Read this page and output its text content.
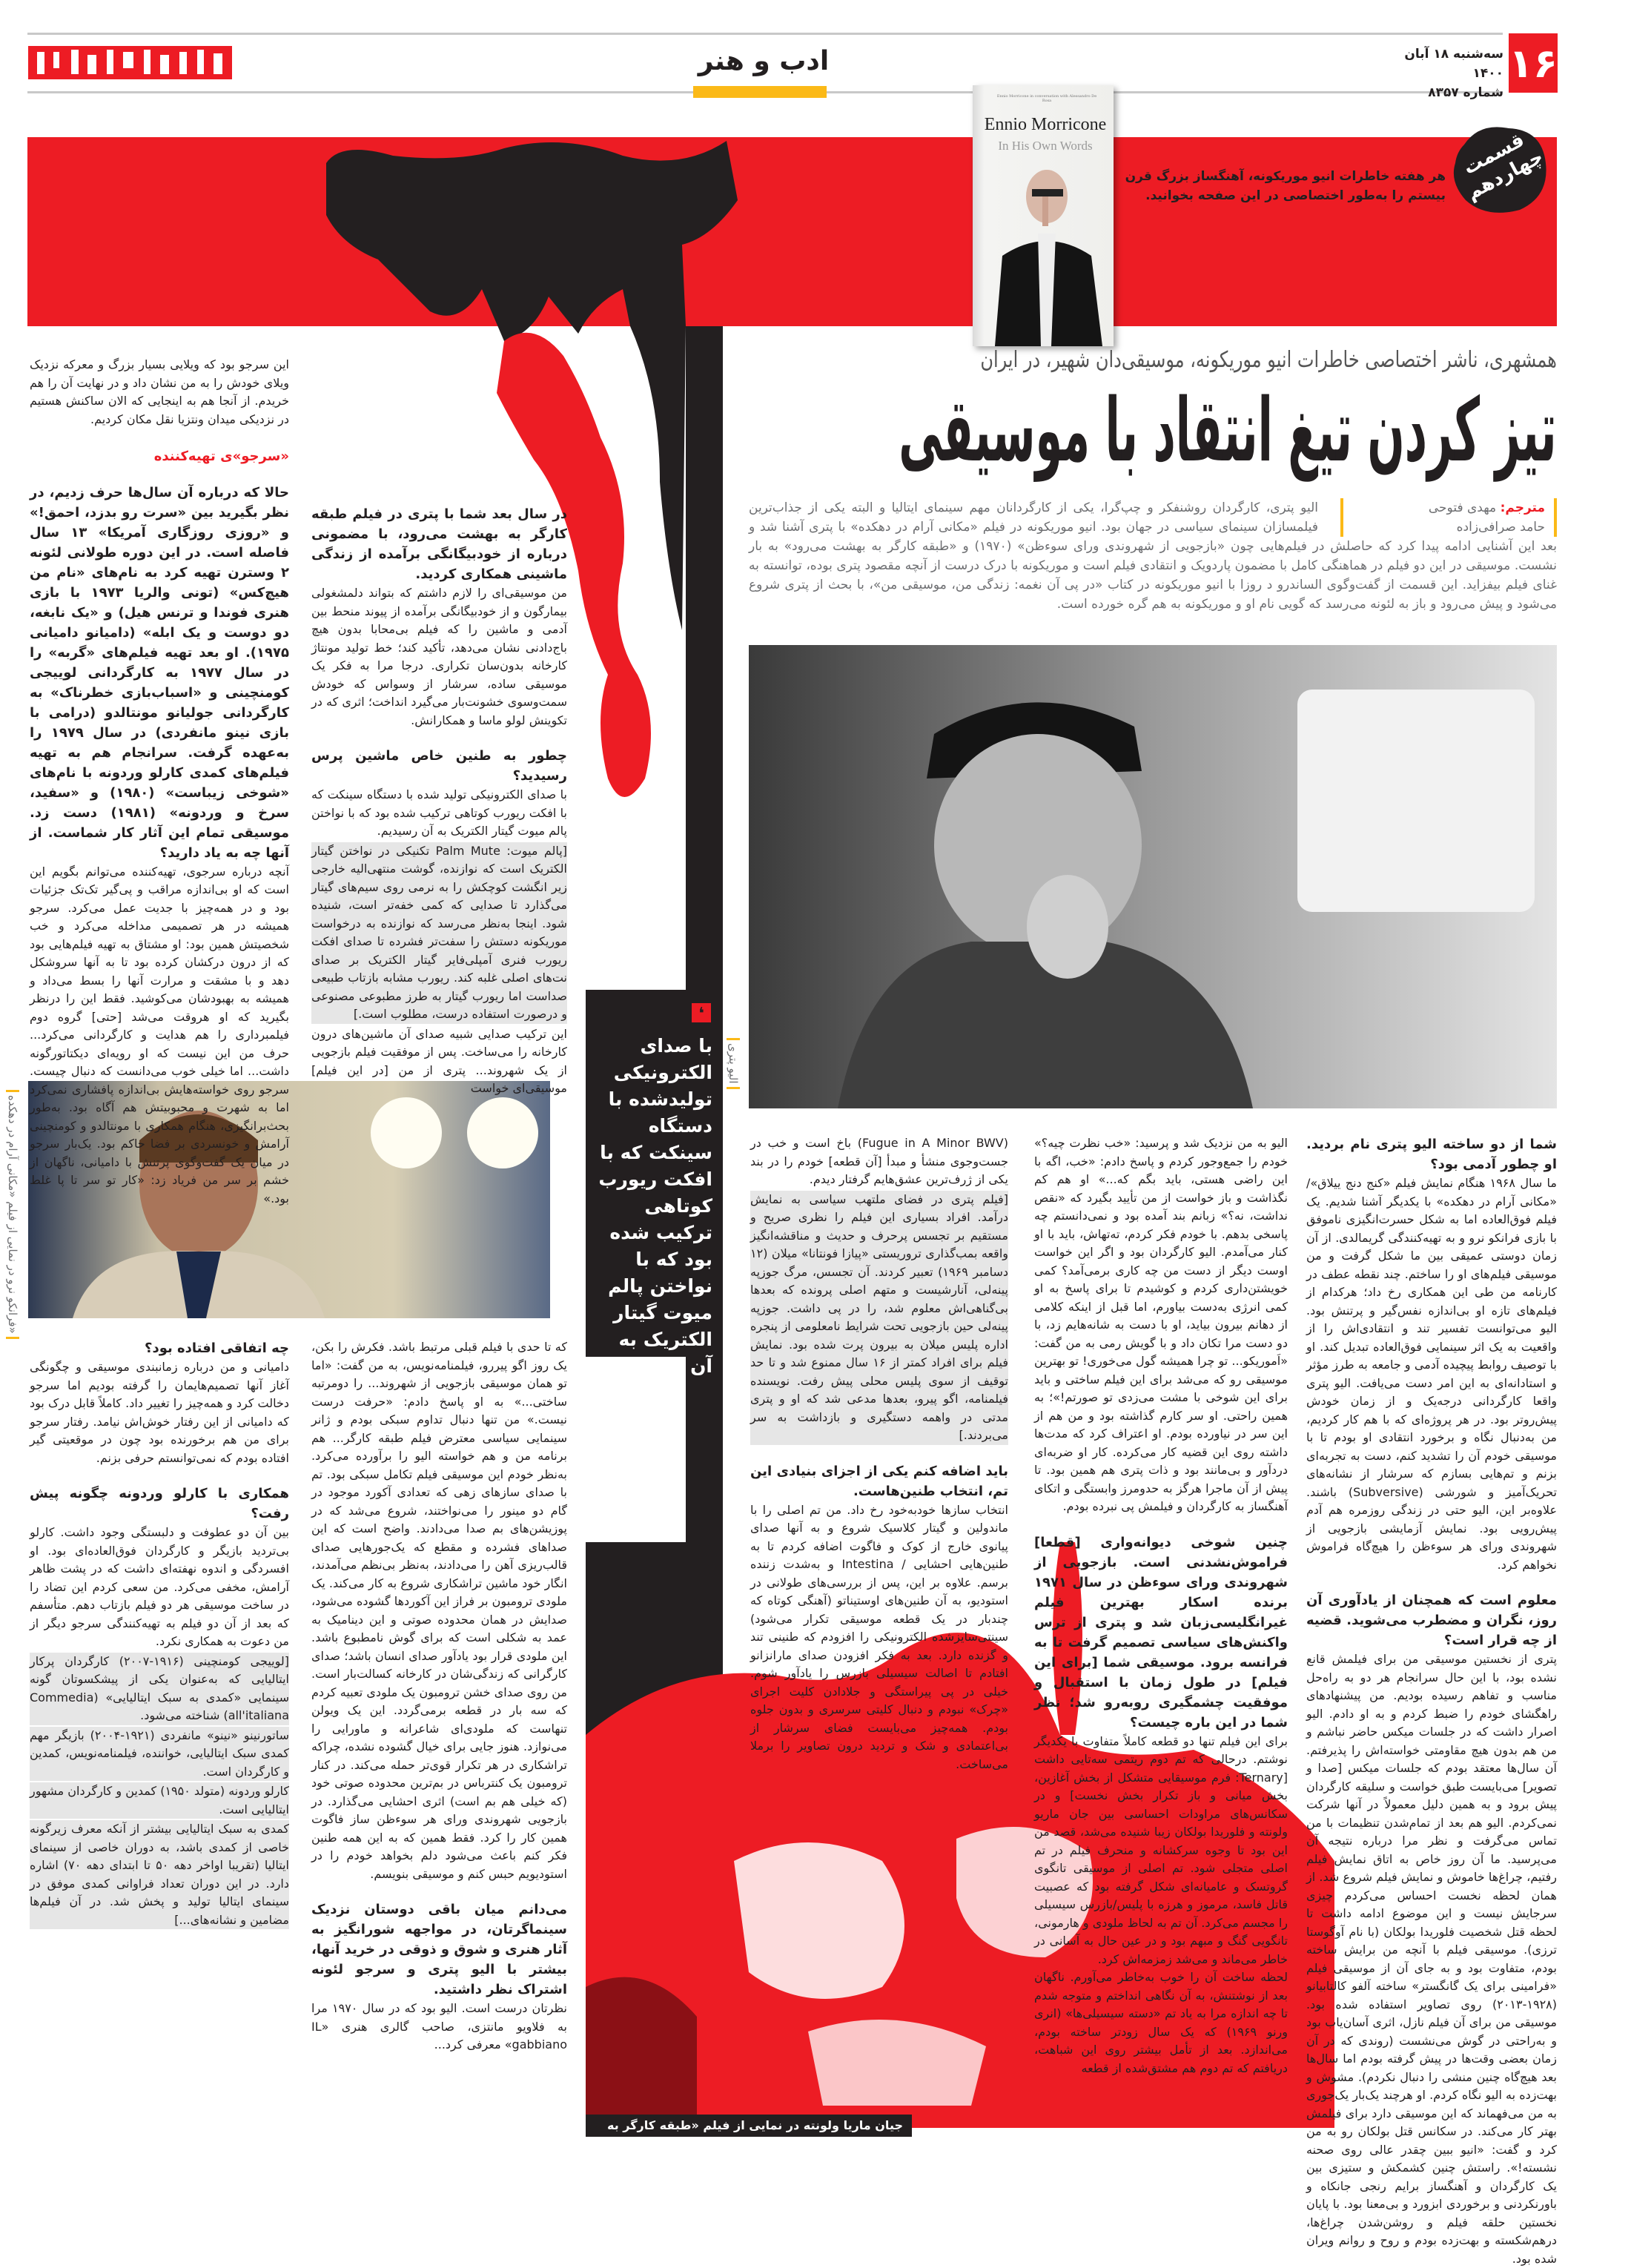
۱۶
سه‌شنبه ۱۸ آبان ۱۴۰۰
شماره ۸۳۵۷
ادب و هنر
Ennio Morricone in conversation with Alessandro De Rosa
Ennio Morricone
In His Own Words
هر هفته خاطرات انیو موریکونه، آهنگساز بزرگ قرن بیستم را به‌طور اختصاصی در این صفحه بخوانید.
قسمت چهاردهم
همشهری، ناشر اختصاصی خاطرات انیو موریکونه، موسیقی‌دان شهیر، در ایران
تیز کردن تیغ انتقاد با موسیقی
مترجم: مهدی فتوحی
حامد صرافی‌زاده
الیو پتری، کارگردان روشنفکر و چپ‌گرا، یکی از کارگردانان مهم سینمای ایتالیا و البته یکی از جذاب‌ترین فیلمسازان سینمای سیاسی در جهان بود. انیو موریکونه در فیلم «مکانی آرام در دهکده» با پتری آشنا شد و بعد این آشنایی ادامه پیدا کرد که حاصلش در فیلم‌هایی چون «بازجویی از شهروندی ورای سوءظن» (۱۹۷۰) و «طبقه کارگر به بهشت می‌رود» به بار نشست. موسیقی در این دو فیلم در هماهنگی کامل با مضمون پاردویک و انتقادی فیلم است و موریکونه با درک درست از آنچه مقصود پتری بوده، توانسته به غنای فیلم بیفزاید. این قسمت از گفت‌وگوی الساندرو د روزا با انیو موریکونه در کتاب «در پی آن نغمه: زندگی من، موسیقی من»، با بحث از پتری شروع می‌شود و پیش می‌رود و باز به لئونه می‌رسد که گویی نام او و موریکونه به هم گره خورده است.
الیو پتری
فرانکو نرو در نمایی از فیلم «مکانی آرام در دهکده»
❛
با صدای الکترونیکی تولیدشده با دستگاه سینکت که با افکت ریورب کوتاهی ترکیب شده بود که با نواختن پالم میوت گیتار الکتریک به آن رسیدیم
جیان ماریا ولونته در نمایی از فیلم «طبقه کارگر به بهشت نمی‌رود»

این سرجو بود که ویلایی بسیار بزرگ و معرکه نزدیک ویلای خودش را به من نشان داد و در نهایت آن را هم خریدم. از آنجا هم به اینجایی که الان ساکنش هستیم در نزدیکی میدان ونتزیا نقل مکان کردیم.

«سرجو»ی تهیه‌کننده

حالا که درباره آن سال‌ها حرف زدیم، در نظر بگیرید بین «سرت رو بدزد، احمق!» و «روزی روزگاری آمریکا» ۱۳ سال فاصله است. در این دوره طولانی لئونه ۲ وسترن تهیه کرد به نام‌های «نام من هیچ‌کس» (تونی والریا ۱۹۷۳ با بازی هنری فوندا و ترنس هیل) و «یک نابغه، دو دوست و یک ابله» (دامیانو دامیانی ۱۹۷۵). او بعد تهیه فیلم‌های «گربه» را در سال ۱۹۷۷ به کارگردانی لوییجی کومنچینی و «اسباب‌بازی خطرناک» به کارگردانی جولیانو مونتالدو (درامی با بازی نینو مانفردی) در سال ۱۹۷۹ را به‌عهده گرفت. سرانجام هم به تهیه فیلم‌های کمدی کارلو وردونه با نام‌های «شوخی زیباست» (۱۹۸۰) و «سفید، سرخ و وردونه» (۱۹۸۱) دست زد. موسیقی تمام این آثار کار شماست. از آنها چه به یاد دارید؟

آنچه درباره سرجوی، تهیه‌کننده می‌توانم بگویم این است که او بی‌اندازه مراقب و پی‌گیر تک‌تک جزئیات بود و در همه‌چیز با جدیت عمل می‌کرد. سرجو همیشه در هر تصمیمی مداخله می‌کرد و خب شخصیتش همین بود: او مشتاق به تهیه فیلم‌هایی بود که از درون درکشان کرده بود تا به آنها سروشکل دهد و با مشقت و مرارت آنها را بسط می‌داد و همیشه به بهبودشان می‌کوشید. فقط این را درنظر بگیرید که او هروقت می‌شد [حتی] گروه دوم فیلمبرداری را هم هدایت و کارگردانی می‌کرد... حرف من این نیست که او رویه‌ای دیکتاتورگونه داشت... اما خیلی خوب می‌دانست که دنبال چیست. سرجو روی خواسته‌هایش بی‌اندازه پافشاری نمی‌کرد اما به شهرت و محبوبیتش هم آگاه بود. به‌طور بحث‌برانگیزی، هنگام همکاری با مونتالدو و کومنچینی آرامش و خونسردی بر فضا حاکم بود. یک‌بار سرجو در میان یک گفت‌وگوی پرتنش با دامیانی، ناگهان از خشم بر سر من فریاد زد: «کار تو سر تا پا غلط بود.»

در سال بعد شما با پتری در فیلم طبقه کارگر به بهشت می‌رود، با مضمونی درباره از خودبیگانگی برآمده از زندگی ماشینی همکاری کردید.

من موسیقی‌ای را لازم داشتم که بتواند دلمشغولی بیمارگون و از خودبیگانگی برآمده از پیوند منحط بین آدمی و ماشین را که فیلم بی‌محابا بدون هیچ باج‌دادنی نشان می‌دهد، تأکید کند؛ خط تولید مونتاژ کارخانه بدون‌سان تکراری. درجا مرا به فکر یک موسیقی ساده، سرشار از وسواس که خودش سمت‌وسوی خشونت‌بار می‌گیرد انداخت؛ اثری که در تکوینش لولو ماسا و همکارانش.

چطور به طنین خاص ماشین پرس رسیدید؟

با صدای الکترونیکی تولید شده با دستگاه سینکت که با افکت ریورب کوتاهی ترکیب شده بود که با نواختن پالم میوت گیتار الکتریک به آن رسیدیم.

[پالم میوت: Palm Mute تکنیکی در نواختن گیتار الکتریک است که نوازنده، گوشت منتهی‌الیه خارجی زیر انگشت کوچکش را به نرمی روی سیم‌های گیتار می‌گذارد تا صدایی که کمی خفه‌تر است، شنیده شود. اینجا به‌نظر می‌رسد که نوازنده به درخواست موریکونه دستش را سفت‌تر فشرده تا صدای افکت ریورب فنری آمپلی‌فایر گیتار الکتریک بر صدای نت‌های اصلی غلبه کند. ریورب مشابه بازتاب طبیعی صداست اما ریورب گیتار به طرز مطبوعی مصنوعی و درصورت استفاده درست، مطلوب است.]

این ترکیب صدایی شبیه صدای آن ماشین‌های درون کارخانه را می‌ساخت. پس از موفقیت فیلم بازجویی از یک شهروند... پتری از من [در این فیلم] موسیقی‌ای خواست

چه اتفاقی افتاده بود؟

دامیانی و من درباره زمانبندی موسیقی و چگونگی آغاز آنها تصمیم‌هایمان را گرفته بودیم اما سرجو دخالت کرد و همه‌چیز را تغییر داد. کاملاً قابل درک بود که دامیانی از این رفتار خوش‌اش نیامد. رفتار سرجو برای من هم برخورنده بود چون در موقعیتی گیر افتاده بودم که نمی‌توانستم حرفی بزنم.

همکاری با کارلو وردونه چگونه پیش رفت؟

بین آن دو عطوفت و دلبستگی وجود داشت. کارلو بی‌تردید بازیگر و کارگردان فوق‌العاده‌ای بود. او افسردگی و اندوه نهفته‌ای داشت که در پشت ظاهر آرامش، مخفی می‌کرد. من سعی کردم این تضاد را در ساخت موسیقی هر دو فیلم بازتاب دهم. متأسفم که بعد از آن دو فیلم به تهیه‌کنندگی سرجو دیگر از من دعوت به همکاری نکرد.

[لوییجی کومنچینی (۱۹۱۶-۲۰۰۷) کارگردان پرکار ایتالیایی که به‌عنوان یکی از پیشکسوتان گونه سینمایی «کمدی به سبک ایتالیایی» (Commedia all'italiana) شناخته می‌شود.

ساتورنینو «نینو» مانفردی (۱۹۲۱-۲۰۰۴) بازیگر مهم کمدی سبک ایتالیایی، خواننده، فیلمنامه‌نویس، کمدین و کارگردان است.

کارلو وردونه (متولد ۱۹۵۰) کمدین و کارگردان مشهور ایتالیایی است.

کمدی به سبک ایتالیایی بیشتر از آنکه معرف زیرگونه خاصی از کمدی باشد، به دوران خاصی از سینمای ایتالیا (تقریبا اواخر دهه ۵۰ تا ابتدای دهه ۷۰) اشاره دارد. در این دوران تعداد فراوانی کمدی موفق در سینمای ایتالیا تولید و پخش شد. در آن فیلم‌ها مضامین و نشانه‌های...]

که تا حدی با فیلم قبلی مرتبط باشد. فکرش را بکن، یک روز اگو پیررو، فیلمنامه‌نویس، به من گفت: «اما تو همان موسیقی بازجویی از شهروند... را دومرتبه ساختی...» به او پاسخ دادم: «حرفت درست نیست.» من تنها دنبال تداوم سبکی بودم و ژانر سینمایی سیاسی معترض فیلم طبقه کارگر... هم برنامه من و هم خواسته الیو را برآورده می‌کرد. به‌نظر خودم این موسیقی فیلم تکامل سبکی بود. تم با صدای سازهای زهی که تعدادی آکورد موجود در گام دو مینور را می‌نواختند، شروع می‌شد که در پوزیشن‌های بم صدا می‌دادند. واضح است که این صداهای فشرده و مقطع که یک‌جورهایی صدای قالب‌ریزی آهن را می‌دادند، به‌نظر بی‌نظم می‌آمدند، انگار خود ماشین تراشکاری شروع به کار می‌کند. یک ملودی ترومبون بر فراز این آکوردها گشوده می‌شود، صدایش در همان محدوده صوتی و این دینامیک به عمد به شکلی است که برای گوش نامطبوع باشد. این ملودی قرار بود یادآور صدای انسان باشد؛ صدای کارگرانی که زندگی‌شان در کارخانه کسالت‌بار است. من روی صدای خشن ترومبون یک ملودی تعبیه کردم که سه بار در قطعه برمی‌گردد. این یک ویولن تنهاست که ملودی‌ای شاعرانه و ماورایی را می‌نوازد. هنوز جایی برای خیال گشوده نشده، چراکه تراشکاری در هر تکرار قوی‌تر حمله می‌کند. در کنار ترومبون یک کنترباس در بم‌ترین محدوده صوتی خود (که خیلی هم بم است) اثری احشایی می‌گذارد. در بازجویی شهروندی ورای هر سوءظن ساز فاگوت همین کار را کرد. فقط همین که به این همه طنین فکر کنم باعث می‌شود دلم بخواهد خودم را در استودیویم حبس کنم و موسیقی بنویسم.

می‌دانم میان باقی دوستان نزدیک سینماگرتان، در مواجهه شورانگیز به آثار هنری و شوق و ذوقی در خرید آنها، بیشتر با الیو پتری و سرجو لئونه اشتراک نظر داشتید.

نظرتان درست است. الیو بود که در سال ۱۹۷۰ مرا به فلاویو مانتزی، صاحب گالری هنری «IL gabbiano» معرفی کرد...

شما از دو ساخته الیو پتری نام بردید. او چطور آدمی بود؟

ما سال ۱۹۶۸ هنگام نمایش فیلم «کنج دنج ییلاق»/ «مکانی آرام در دهکده» با یکدیگر آشنا شدیم. یک فیلم فوق‌العاده اما به شکل حسرت‌انگیزی ناموفق با بازی فرانکو نرو و به تهیه‌کنندگی گریمالدی. از آن زمان دوستی عمیقی بین ما شکل گرفت و من موسیقی فیلم‌های او را ساختم. چند نقطه عطف در کارنامه من طی این همکاری رخ داد؛ هرکدام از فیلم‌های تازه او بی‌اندازه نفس‌گیر و پرتنش بود. الیو می‌توانست تفسیر تند و انتقادی‌اش را از واقعیت به یک اثر سینمایی فوق‌العاده تبدیل کند. او با توصیف روابط پیچیده آدمی و جامعه به طرز مؤثر و استادانه‌ای به این امر دست می‌یافت. الیو پتری واقعا کارگردانی درجه‌یک و از زمان خودش پیش‌روتر بود. در هر پروژه‌ای که با هم کار کردیم، من به‌دنبال نگاه و برخورد انتقادی او بودم تا با موسیقی خودم آن را تشدید کنم، دست به تجربه‌ای بزنم و تم‌هایی بسازم که سرشار از نشانه‌های تحریک‌آمیز و شورشی (Subversive) باشند. علاوه‌بر این، الیو حتی در زندگی روزمره هم آدم پیش‌رویی بود. نمایش آزمایشی بازجویی از شهروندی ورای هر سوءظن را هیچ‌گاه فراموش نخواهم کرد.

معلوم است که همچنان از یادآوری آن روز، نگران و مضطرب می‌شوید. قضیه از چه قرار است؟

پتری از نخستین موسیقی من برای فیلمش قانع نشده بود، با این حال سرانجام هر دو به راه‌حل مناسب و تفاهم رسیده بودیم. من پیشنهادهای راهگشای خودم را ضبط کردم و به او دادم. الیو اصرار داشت که در جلسات میکس حاضر نباشم و من هم بدون هیچ مقاومتی خواسته‌اش را پذیرفتم. آن سال‌ها معتقد بودم که جلسات میکس [صدا و تصویر] می‌بایست طبق خواست و سلیقه کارگردان پیش برود و به همین دلیل معمولاً در آنها شرکت نمی‌کردم. الیو هم بعد از تمام‌شدن تنظیمات با من تماس می‌گرفت و نظر مرا درباره نتیجه آن می‌پرسید. ما آن روز خاص به اتاق نمایش فیلم رفتیم، چراغ‌ها خاموش و نمایش فیلم شروع شد. از همان لحظه نخست احساس می‌کردم چیزی سرجایش نیست و این موضوع ادامه داشت تا لحظه قتل شخصیت فلوریدا بولکان (با نام آوگوستا ترزی). موسیقی فیلم با آنچه من برایش ساخته بودم، متفاوت بود و به جای آن از موسیقی فیلم «فرامینی برای یک گانگستر» ساخته آلفو کالتابیانو (۱۹۲۸-۲۰۱۳) روی تصاویر استفاده شده بود. موسیقی من برای آن فیلم نازل، اثری آسان‌یاب بود و به‌راحتی در گوش می‌نشست (روندی که در آن زمان بعضی وقت‌ها در پیش گرفته بودم اما سال‌ها بعد هیچ‌گاه چنین منشی را دنبال نکردم). مشوش و بهت‌زده به الیو نگاه کردم. او هرچند یک‌بار یک‌جوری به من می‌فهماند که این موسیقی دارد برای فیلمش بهتر کار می‌کند. در سکانس قتل بولکان رو به من کرد و گفت: «انیو ببین چقدر عالی روی صحنه نشسته!». راستش چنین کشمکش و ستیزی بین یک کارگردان و آهنگساز برایم رنجی جانکاه و باورنکردنی و برخوردی ابزورد و بی‌معنا بود. با پایان نخستین حلقه فیلم و روشن‌شدن چراغ‌ها، درهم‌شکسته و بهت‌زده بودم و روح و روانم ویران شده بود.

الیو به من نزدیک شد و پرسید: «خب نظرت چیه؟» خودم را جمع‌وجور کردم و پاسخ دادم: «خب، اگه با این راضی هستی، باید بگم که...» او هم کم نگذاشت و باز خواست از من تأیید بگیرد که «نقص نداشت، نه؟» زبانم بند آمده بود و نمی‌دانستم چه پاسخی بدهم. با خودم فکر کردم، ته‌تهاش، باید با او کنار می‌آمدم. الیو کارگردان بود و اگر این خواست اوست دیگر از دست من چه کاری برمی‌آمد؟ کمی خویشتن‌داری کردم و کوشیدم تا برای پاسخ به او کمی انرژی به‌دست بیاورم، اما قبل از اینکه کلامی از دهانم بیرون بیاید، او با دست به شانه‌هایم زد، با دو دست مرا تکان داد و با گویش رمی به من گفت: «اَموریکو... تو چرا همیشه گول می‌خوری! تو بهترین موسیقی رو که می‌شد برای این فیلم ساختی و باید برای این شوخی با مشت می‌زدی تو صورتم!»؛ به همین راحتی. او سر کارم گذاشته بود و من هم از این سر در نیاورده بودم. او اعتراف کرد که مدت‌ها داشته روی این قضیه کار می‌کرده. کار او ضربه‌ای دردآور و بی‌مانند بود و ذات پتری هم همین بود. تا پیش از آن ماجرا هرگز به حدومرز وابستگی و اتکای آهنگساز به کارگردان و فیلمش پی نبرده بودم.

چنین شوخی دیوانه‌واری [قطعا] فراموش‌نشدنی است. بازجویی از شهروندی ورای سوءظن در سال ۱۹۷۱ برنده اسکار بهترین فیلم غیرانگلیسی‌زبان شد و پتری از ترس واکنش‌های سیاسی تصمیم گرفت تا به فرانسه برود. موسیقی شما [برای این فیلم] در طول زمان با استقبال و موفقیت چشمگیری روبه‌رو شد؛ نظر شما در این باره چیست؟

برای این فیلم تنها دو قطعه کاملاً متفاوت با یکدیگر نوشتم. درحالی که تم دوم ریتمی سه‌تایی داشت [Ternary: فرم موسیقایی متشکل از بخش آغازین، بخش میانی و باز تکرار بخش نخست] و در سکانس‌های مراودات احساسی بین جان ماریو ولونته و فلوریدا بولکان زیبا شنیده می‌شد، قصد من این بود تا وجوه سرکشانه و منحرف فیلم در تم اصلی متجلی شود. تم اصلی از موسیقی تانگوی گروتسک و عامیانه‌ای شکل گرفته بود که عصبیت قاتل فاسد، مرموز و هرزه با پلیس/بازرس سیسیلی را مجسم می‌کرد. آن تم به لحاظ ملودی و هارمونی، تانگویی گنگ و مبهم بود و در عین حال به آسانی در خاطر می‌ماند و می‌شد زمزمه‌اش کرد.

لحظه ساخت آن را خوب به‌خاطر می‌آورم. ناگهان بعد از نوشتنش، به آن نگاهی انداختم و متوجه شدم تا چه اندازه مرا به یاد تم «دسته سیسیلی‌ها» (انری ورنو ۱۹۶۹) که یک سال زودتر ساخته بودم، می‌اندازد. بعد از تأمل بیشتر روی این شباهت، دریافتم که تم دوم هم مشتق‌شده از قطعه

(Fugue in A Minor BWV) باخ است و خب در جست‌وجوی منشأ و مبدأ [آن قطعه] خودم را در بند یکی از ژرف‌ترین عشق‌هایم گرفتار دیدم.

[فیلم پتری در فضای ملتهب سیاسی به نمایش درآمد. افراد بسیاری این فیلم را نظری صریح و مستقیم بر تجسس پرحرف و حدیث و مناقشه‌انگیز واقعه بمب‌گذاری تروریستی «پیازا فونتانا» میلان (۱۲ دسامبر ۱۹۶۹) تعبیر کردند. آن تجسس، مرگ جوزپه پینه‌لی، آنارشیست و متهم اصلی پرونده که بعدها بی‌گناهی‌اش معلوم شد، را در پی داشت. جوزپه پینه‌لی حین بازجویی تحت شرایط نامعلومی از پنجره اداره پلیس میلان به بیرون پرت شده بود. نمایش فیلم برای افراد کمتر از ۱۶ سال ممنوع شد و تا حد توقیف از سوی پلیس محلی پیش رفت. نویسنده فیلمنامه، اگو پیرو، بعدها مدعی شد که او و پتری مدتی در واهمه دستگیری و بازداشت به سر می‌بردند.]

باید اضافه کنم یکی از اجزای بنیادی این تم، انتخاب طنین‌هاست.

انتخاب سازها خودبه‌خود رخ داد. من تم اصلی را با ماندولین و گیتار کلاسیک شروع و به آنها صدای پیانوی خارج از کوک و فاگوت اضافه کردم تا به طنین‌هایی احشایی / Intestina و به‌شدت زننده برسم. علاوه بر این، پس از بررسی‌های طولانی در استودیو، به آن طنین‌های اوستیناتو (آهنگی کوتاه که چندبار در یک قطعه موسیقی تکرار می‌شود) سینتی‌سایزشده الکترونیکی را افزودم که طنینی تند و گزنده دارد. بعد به فکر افزودن صدای مارانزانو افتادم تا اصالت سیسیلی بازرس را یادآور شوم. خیلی در پی پیراستگی و جلادادن کلیت اجرای «چرک» نبودم و دنبال کلیتی سرسری و بدون جلوه بودم. همه‌چیز می‌بایست فضای سرشار از بی‌اعتمادی و شک و تردید درون تصاویر را برملا می‌ساخت.
